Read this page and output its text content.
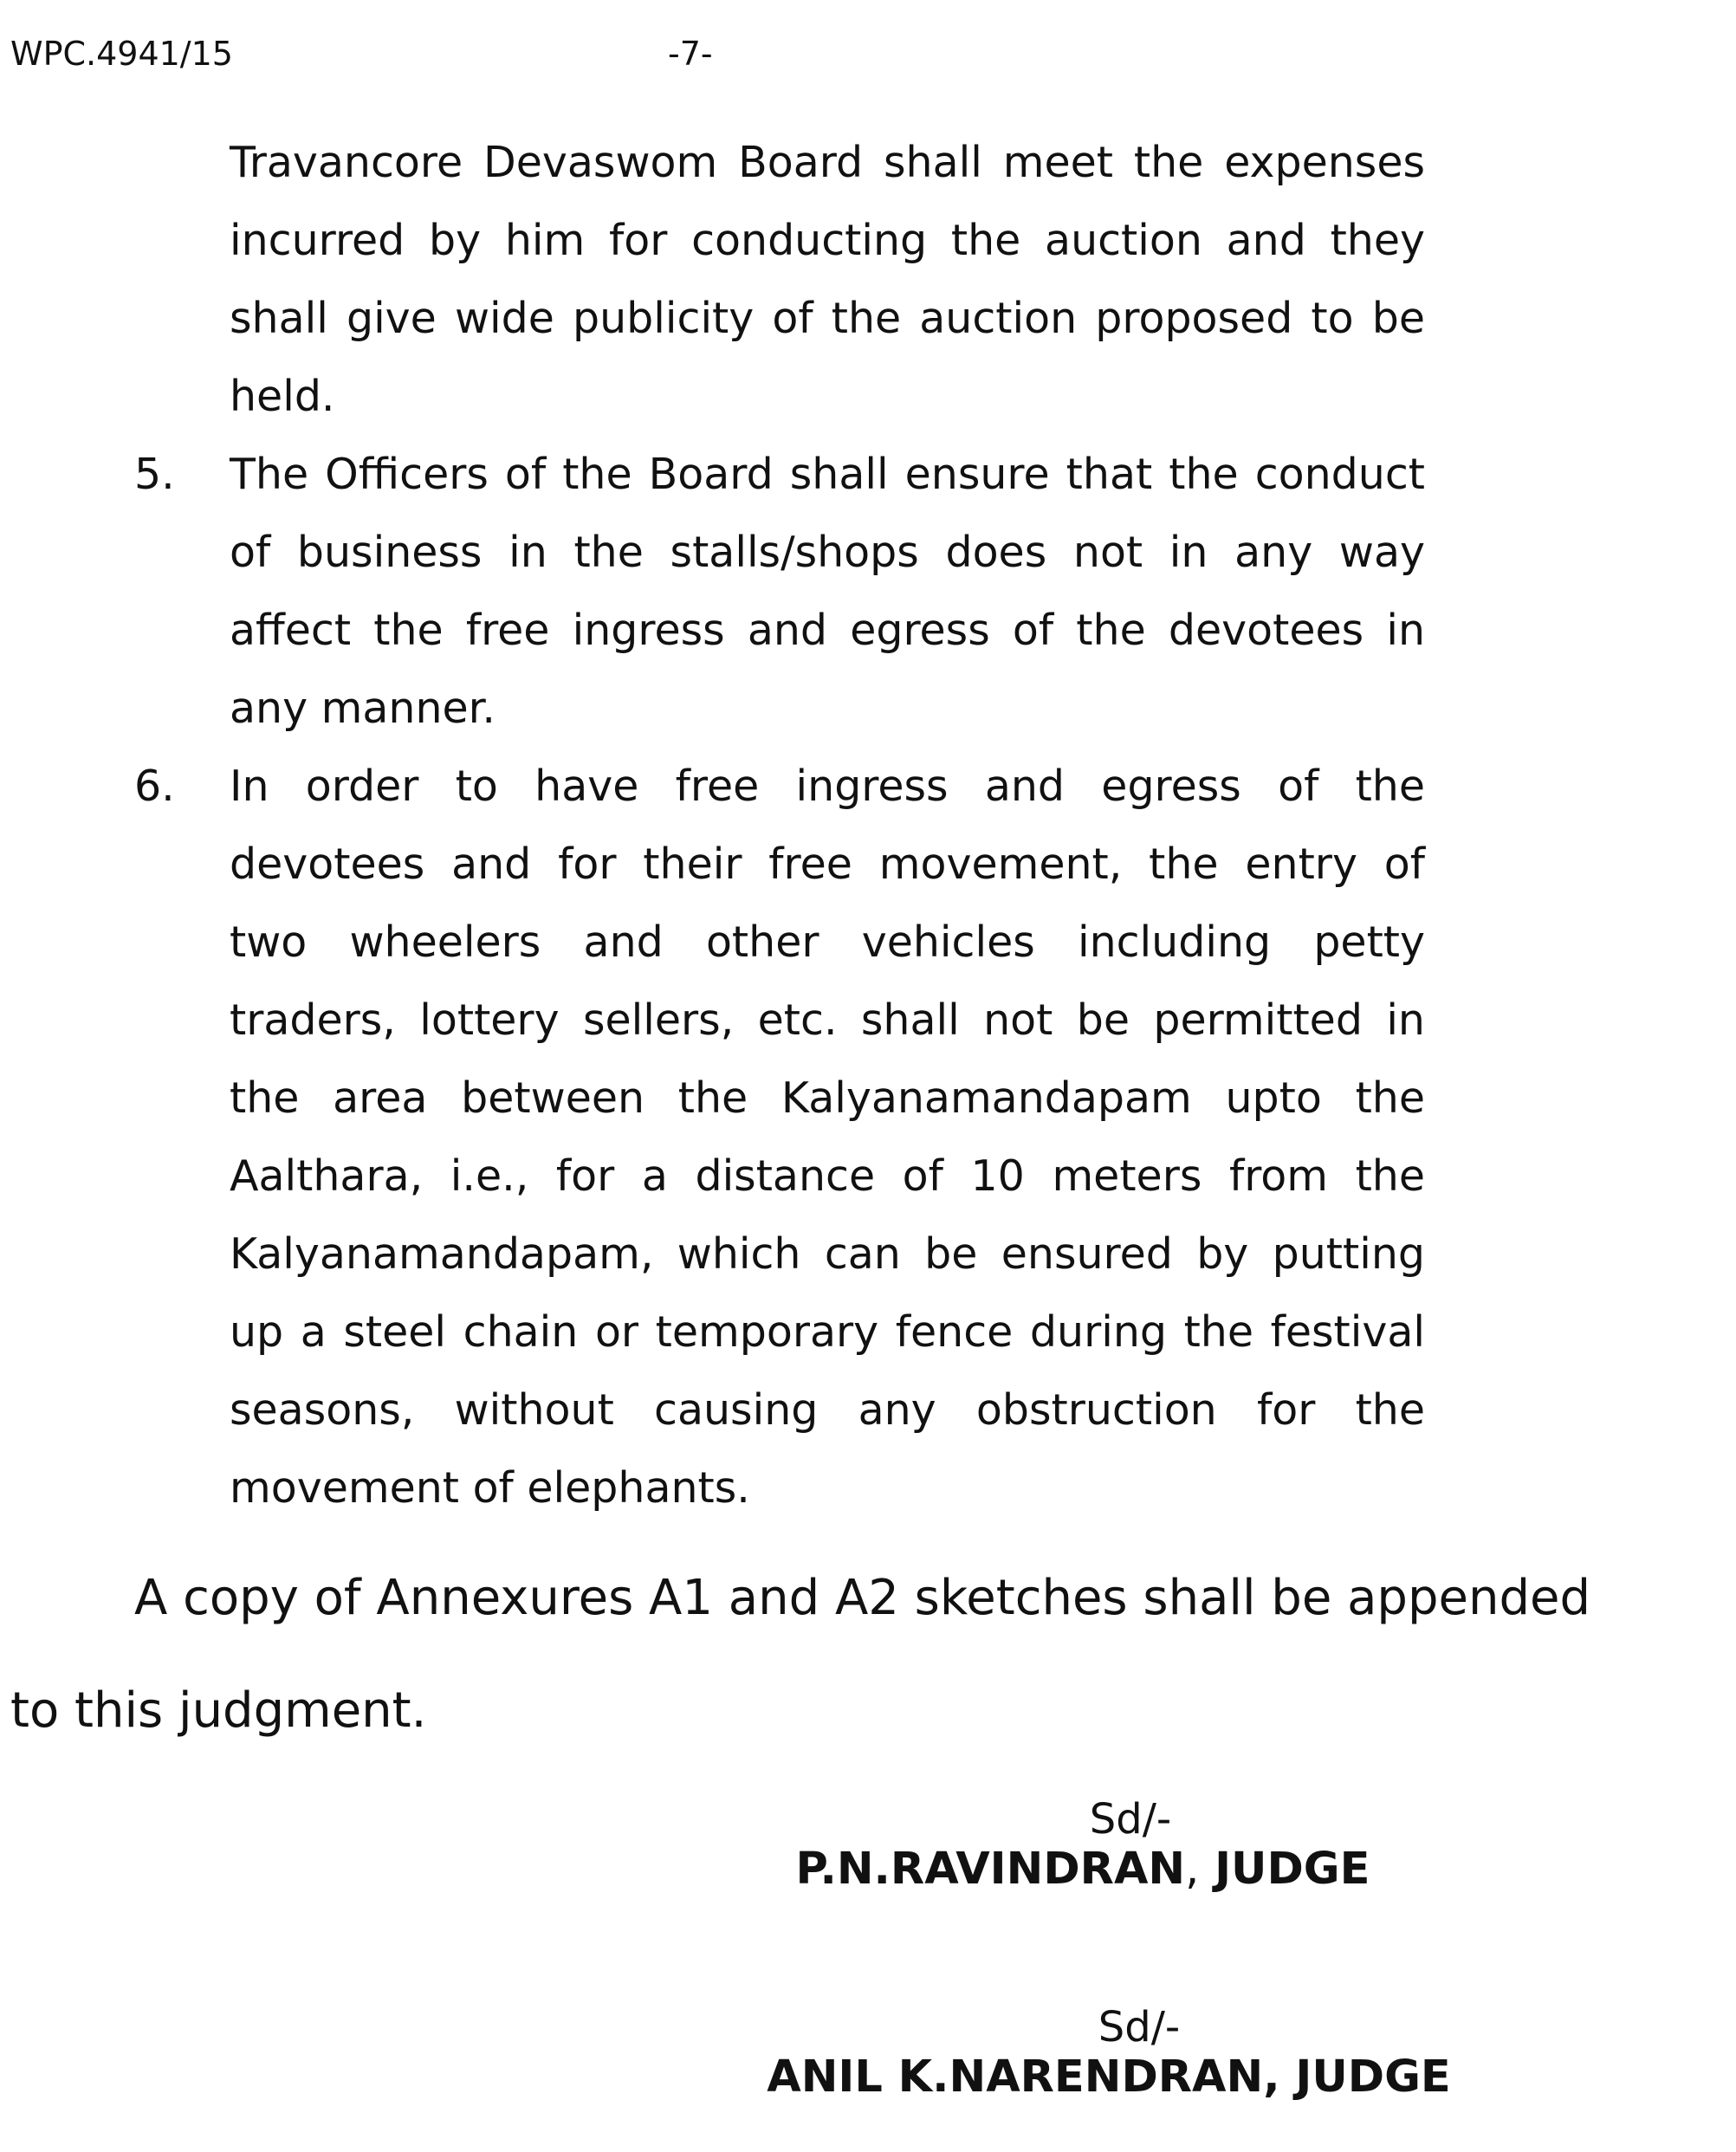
WPC.4941/15	-7-
Travancore Devaswom Board shall meet the expenses
incurred by him for conducting the auction and they
shall give wide publicity of the auction proposed to be
held.
5. The Officers of the Board shall ensure that the conduct
of business in the stalls/shops does not in any way
affect the free ingress and egress of the devotees in
any manner.
6. In order to have free ingress and egress of the
devotees and for their free movement, the entry of
two wheelers and other vehicles including petty
traders, lottery sellers, etc. shall not be permitted in
the area between the Kalyanamandapam upto the
Aalthara, i.e., for a distance of 10 meters from the
Kalyanamandapam, which can be ensured by putting
up a steel chain or temporary fence during the festival
seasons, without causing any obstruction for the
movement of elephants.
A copy of Annexures A1 and A2 sketches shall be appended
to this judgment.
Sd/-
P.N.RAVINDRAN, JUDGE
Sd/-
ANIL K.NARENDRAN, JUDGE
